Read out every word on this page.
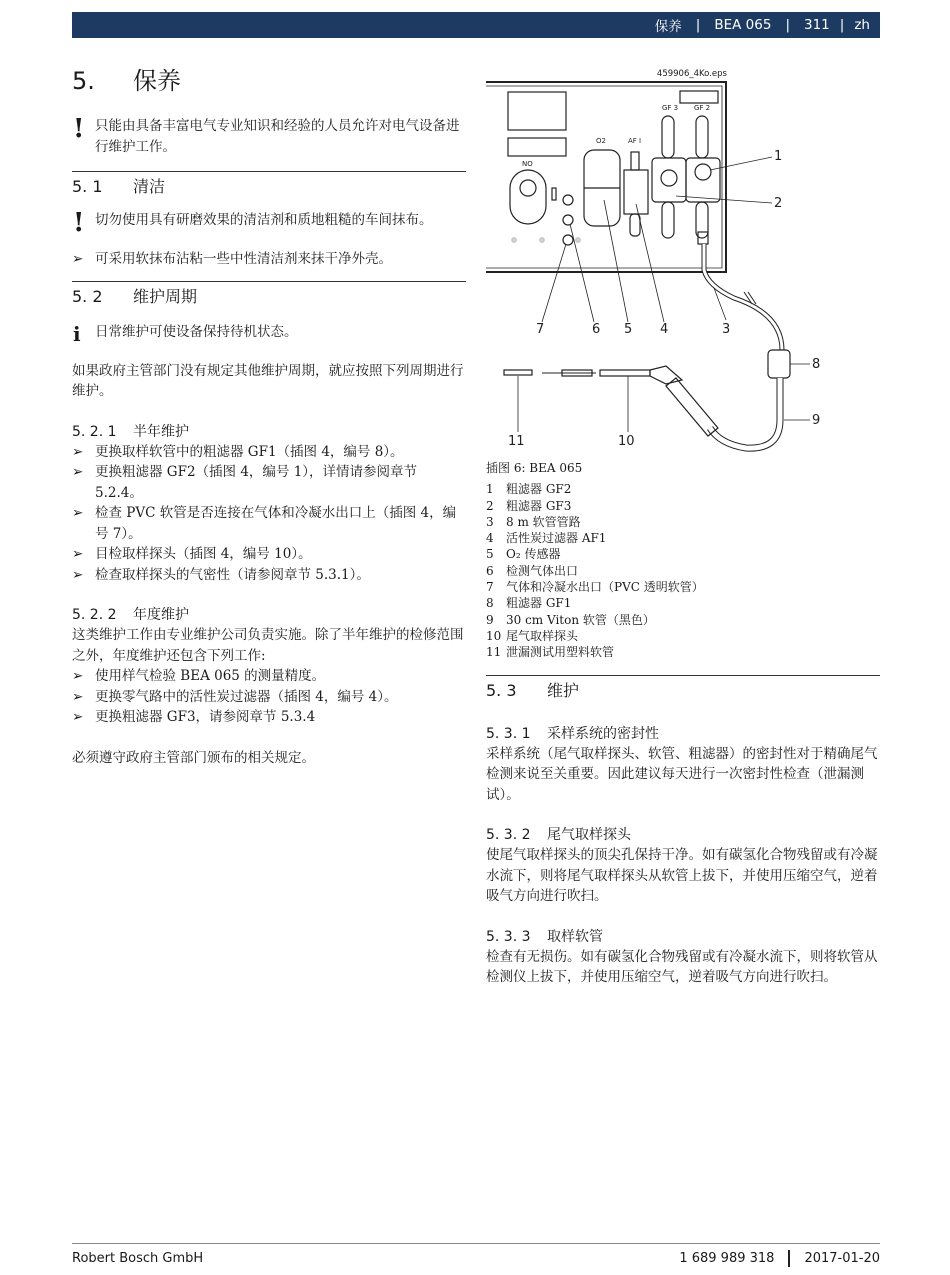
保养 | BEA 065 | 311 | zh
5. 保养
! 只能由具备丰富电气专业知识和经验的人员允许对电气设备进行维护工作。
5. 1 清洁
! 切勿使用具有研磨效果的清洁剂和质地粗糙的车间抹布。
➢ 可采用软抹布沾粘一些中性清洁剂来抹干净外壳。
5. 2 维护周期
i 日常维护可使设备保持待机状态。

如果政府主管部门没有规定其他维护周期，就应按照下列周期进行维护。

5. 2. 1 半年维护
➢ 更换取样软管中的粗滤器 GF1（插图 4，编号 8）。
➢ 更换粗滤器 GF2（插图 4，编号 1），详情请参阅章节 5.2.4。
➢ 检查 PVC 软管是否连接在气体和冷凝水出口上（插图 4，编号 7）。
➢ 目检取样探头（插图 4，编号 10）。
➢ 检查取样探头的气密性（请参阅章节 5.3.1）。
5. 2. 2 年度维护

这类维护工作由专业维护公司负责实施。除了半年维护的检修范围之外，年度维护还包含下列工作:

➢ 使用样气检验 BEA 065 的测量精度。
➢ 更换零气路中的活性炭过滤器（插图 4，编号 4）。
➢ 更换粗滤器 GF3，请参阅章节 5.3.4

必须遵守政府主管部门颁布的相关规定。

459906_4Ko.eps
GF 3 GF 2
O2	AF I
NO	1
2
3
4
5
6
7
8
9
10
11
插图 6: BEA 065
1	粗滤器 GF2
2	粗滤器 GF3
3	8 m 软管管路
4	活性炭过滤器 AF1
5	O₂ 传感器
6	检测气体出口
7	气体和冷凝水出口（PVC 透明软管）
8	粗滤器 GF1
9	30 cm Viton 软管（黑色）
10 尾气取样探头
11 泄漏测试用塑料软管
5. 3 维护
5. 3. 1 采样系统的密封性

采样系统（尾气取样探头、软管、粗滤器）的密封性对于精确尾气检测来说至关重要。因此建议每天进行一次密封性检查（泄漏测试）。

5. 3. 2 尾气取样探头

使尾气取样探头的顶尖孔保持干净。如有碳氢化合物残留或有冷凝水流下，则将尾气取样探头从软管上拔下，并使用压缩空气，逆着吸气方向进行吹扫。

5. 3. 3 取样软管

检查有无损伤。如有碳氢化合物残留或有冷凝水流下，则将软管从检测仪上拔下，并使用压缩空气，逆着吸气方向进行吹扫。

Robert Bosch GmbH	1 689 989 318 2017-01-20
